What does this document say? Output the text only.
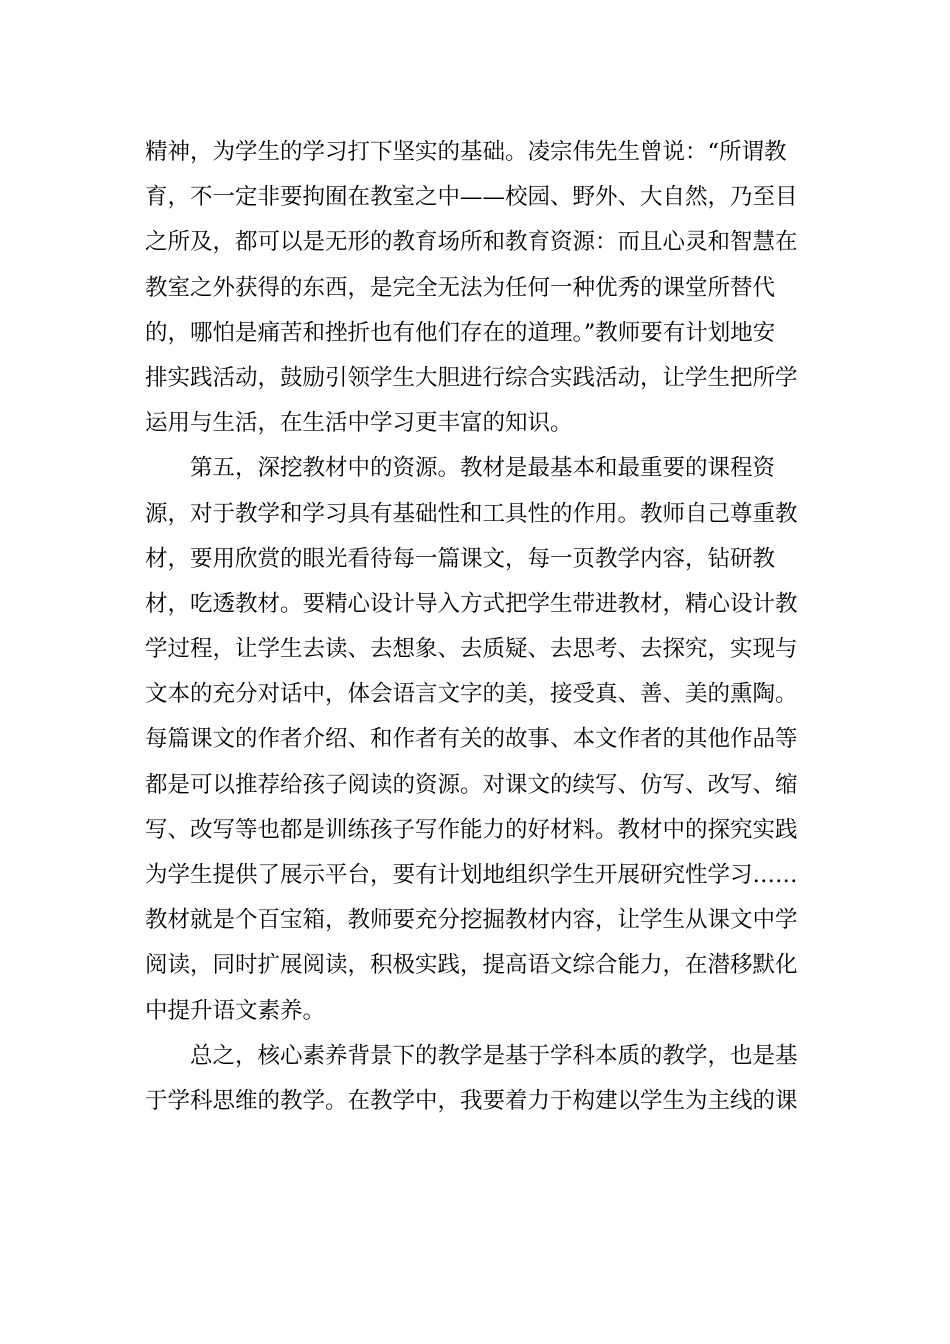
精神，为学生的学习打下坚实的基础。凌宗伟先生曾说：“所谓教
育，不一定非要拘囿在教室之中——校园、野外、大自然，乃至目
之所及，都可以是无形的教育场所和教育资源：而且心灵和智慧在
教室之外获得的东西，是完全无法为任何一种优秀的课堂所替代
的，哪怕是痛苦和挫折也有他们存在的道理。”教师要有计划地安
排实践活动，鼓励引领学生大胆进行综合实践活动，让学生把所学
运用与生活，在生活中学习更丰富的知识。
第五，深挖教材中的资源。教材是最基本和最重要的课程资
源，对于教学和学习具有基础性和工具性的作用。教师自己尊重教
材，要用欣赏的眼光看待每一篇课文，每一页教学内容，钻研教
材，吃透教材。要精心设计导入方式把学生带进教材，精心设计教
学过程，让学生去读、去想象、去质疑、去思考、去探究，实现与
文本的充分对话中，体会语言文字的美，接受真、善、美的熏陶。
每篇课文的作者介绍、和作者有关的故事、本文作者的其他作品等
都是可以推荐给孩子阅读的资源。对课文的续写、仿写、改写、缩
写、改写等也都是训练孩子写作能力的好材料。教材中的探究实践
为学生提供了展示平台，要有计划地组织学生开展研究性学习……
教材就是个百宝箱，教师要充分挖掘教材内容，让学生从课文中学
阅读，同时扩展阅读，积极实践，提高语文综合能力，在潜移默化
中提升语文素养。
总之，核心素养背景下的教学是基于学科本质的教学，也是基
于学科思维的教学。在教学中，我要着力于构建以学生为主线的课
